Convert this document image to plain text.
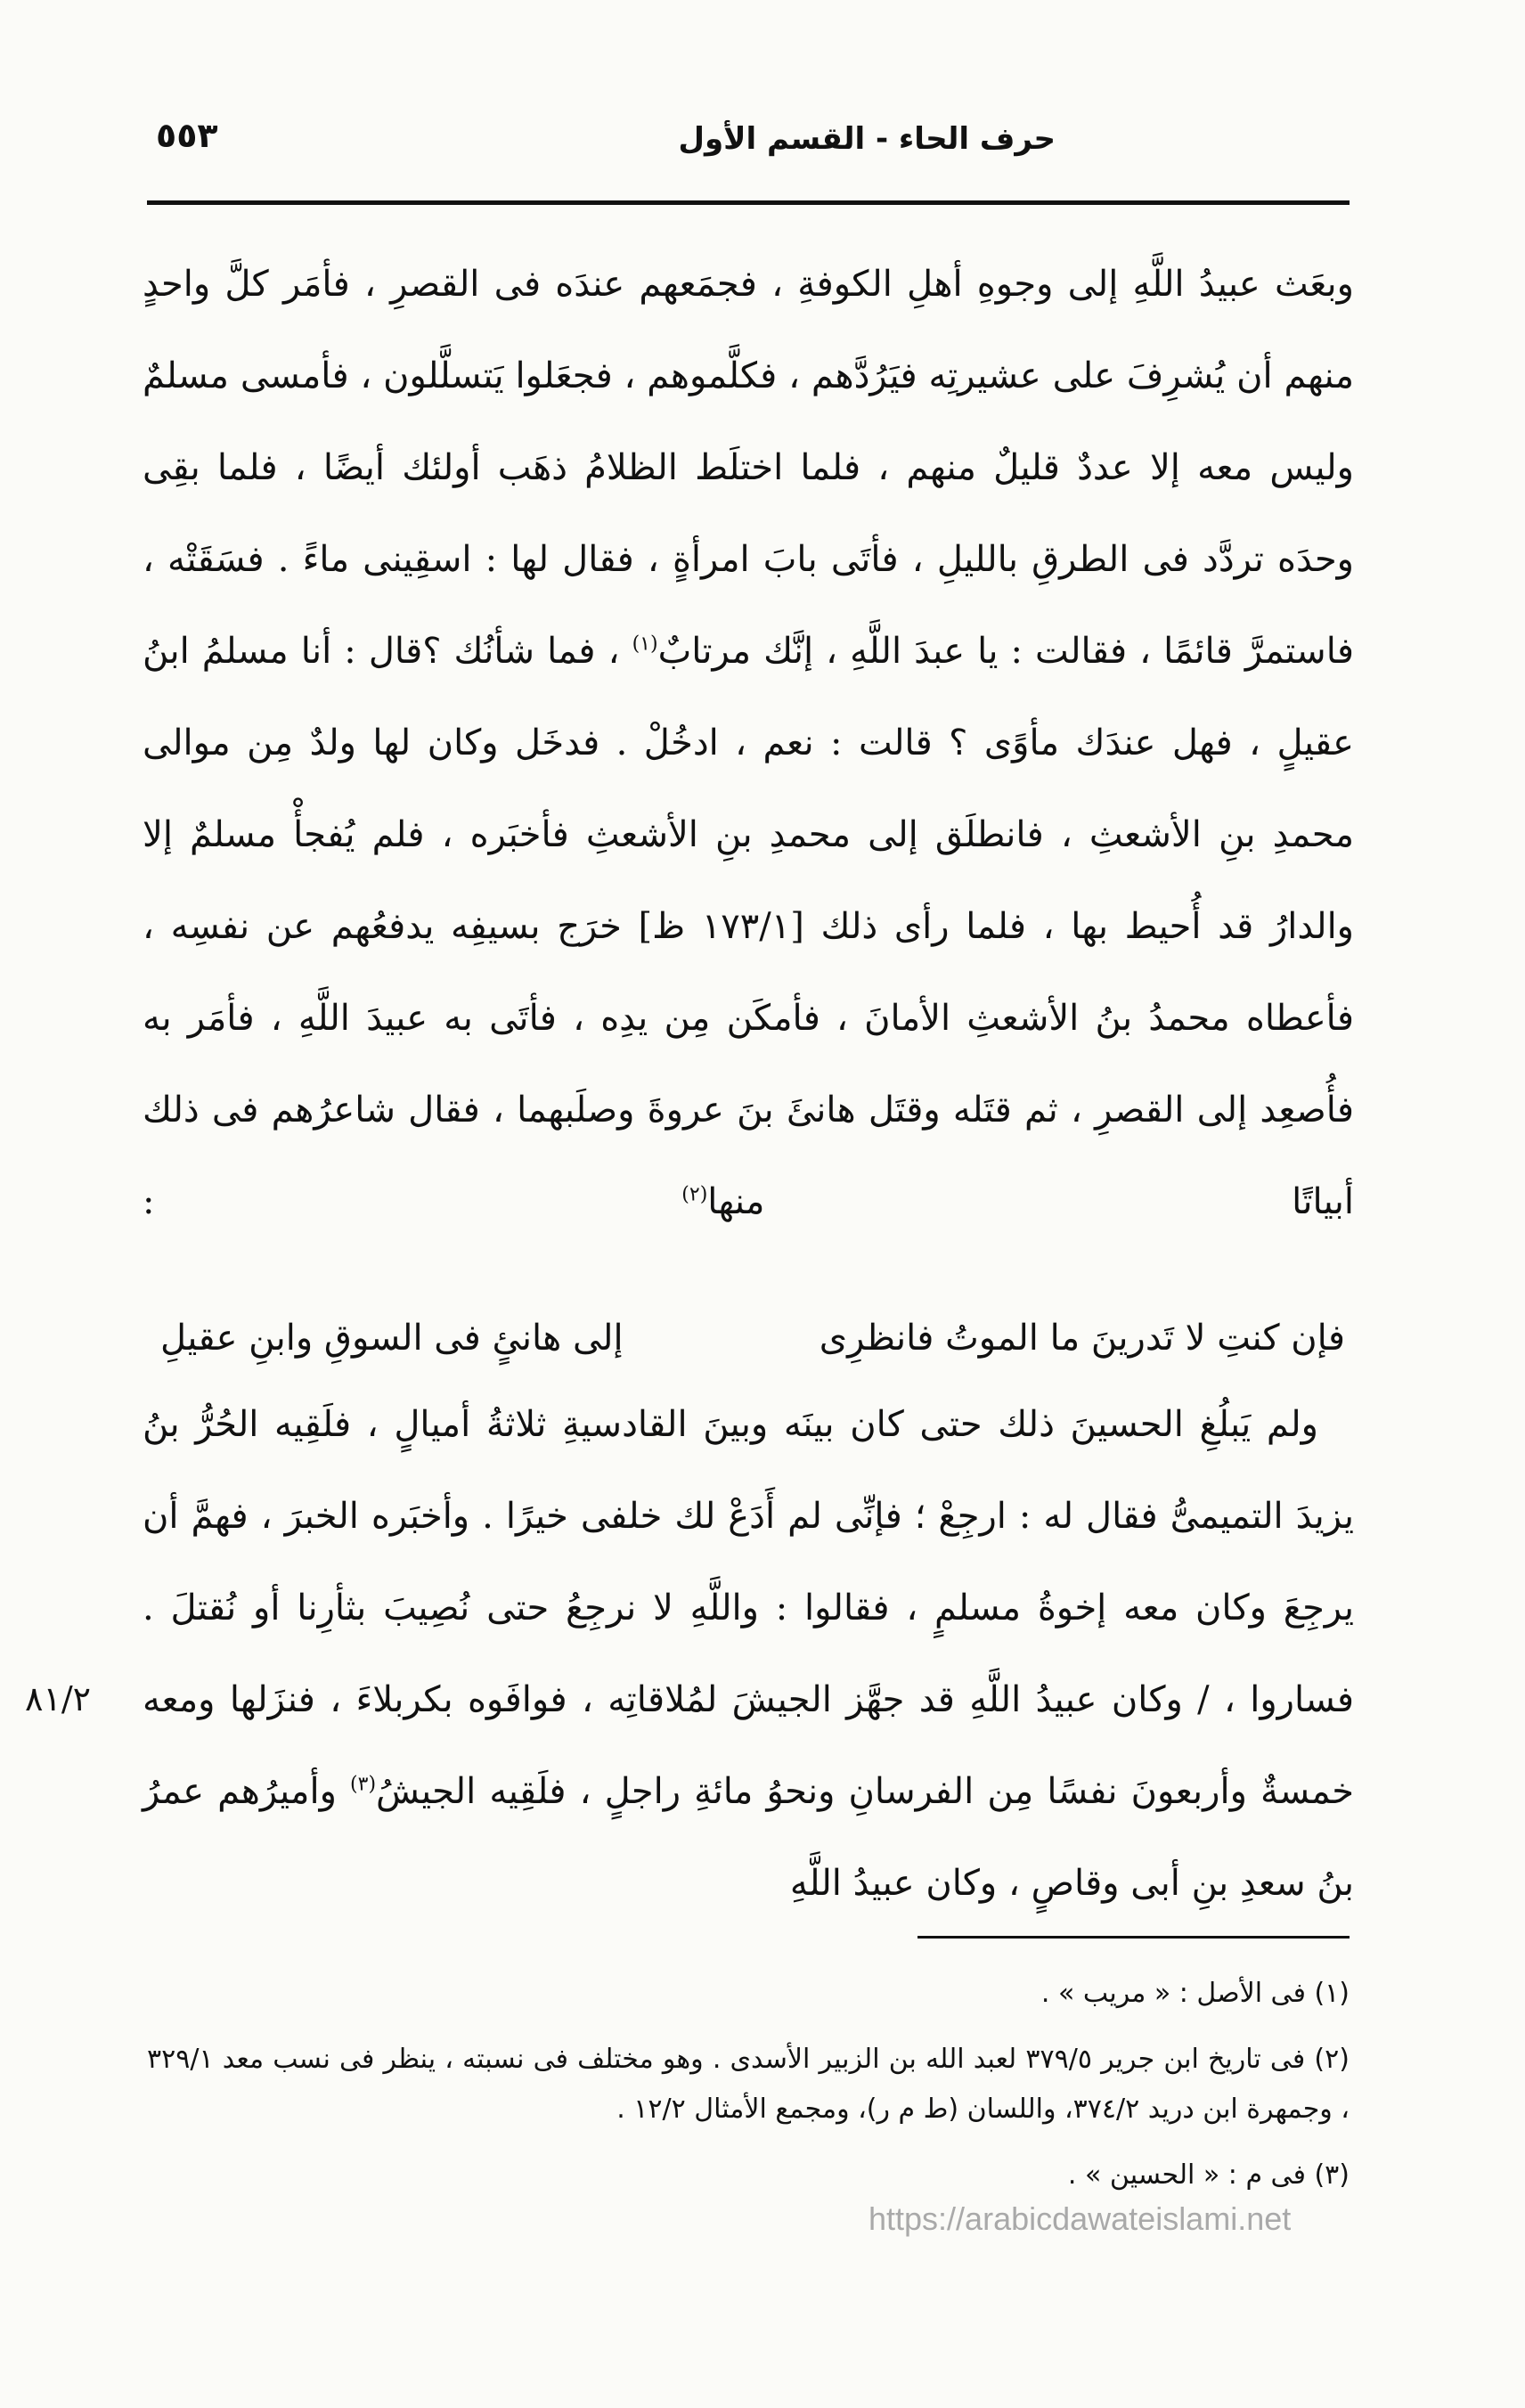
حرف الحاء - القسم الأول
٥٥٣

وبعَث عبيدُ اللَّهِ إلى وجوهِ أهلِ الكوفةِ ، فجمَعهم عندَه فى القصرِ ، فأمَر كلَّ واحدٍ منهم أن يُشرِفَ على عشيرتِه فيَرُدَّهم ، فكلَّموهم ، فجعَلوا يَتسلَّلون ، فأمسى مسلمٌ وليس معه إلا عددٌ قليلٌ منهم ، فلما اختلَط الظلامُ ذهَب أولئك أيضًا ، فلما بقِى وحدَه تردَّد فى الطرقِ بالليلِ ، فأتَى بابَ امرأةٍ ، فقال لها : اسقِينى ماءً . فسَقَتْه ، فاستمرَّ قائمًا ، فقالت : يا عبدَ اللَّهِ ، إنَّك مرتابٌ$^{(١)}$ ، فما شأنُك ؟قال : أنا مسلمُ ابنُ عقيلٍ ، فهل عندَك مأوًى ؟ قالت : نعم ، ادخُلْ . فدخَل وكان لها ولدٌ مِن موالى محمدِ بنِ الأشعثِ ، فانطلَق إلى محمدِ بنِ الأشعثِ فأخبَره ، فلم يُفجأْ مسلمٌ إلا والدارُ قد أُحيط بها ، فلما رأى ذلك [١٧٣/١ ظ] خرَج بسيفِه يدفعُهم عن نفسِه ، فأعطاه محمدُ بنُ الأشعثِ الأمانَ ، فأمكَن مِن يدِه ، فأتَى به عبيدَ اللَّهِ ، فأمَر به فأُصعِد إلى القصرِ ، ثم قتَله وقتَل هانئَ بنَ عروةَ وصلَبهما ، فقال شاعرُهم فى ذلك أبياتًا منها$^{(٢)}$ :

فإن كنتِ لا تَدرينَ ما الموتُ فانظرِى
إلى هانئٍ فى السوقِ وابنِ عقيلِ

 ولم يَبلُغِ الحسينَ ذلك حتى كان بينَه وبينَ القادسيةِ ثلاثةُ أميالٍ ، فلَقِيه الحُرُّ بنُ يزيدَ التميمىُّ فقال له : ارجِعْ ؛ فإنِّى لم أَدَعْ لك خلفى خيرًا . وأخبَره الخبرَ ، فهمَّ أن يرجِعَ وكان معه إخوةُ مسلمٍ ، فقالوا : واللَّهِ لا نرجِعُ حتى نُصِيبَ بثأرِنا أو نُقتلَ . فساروا ، / وكان عبيدُ اللَّهِ قد جهَّز الجيشَ لمُلاقاتِه ، فوافَوه بكربلاءَ ، فنزَلها ومعه خمسةٌ وأربعونَ نفسًا مِن الفرسانِ ونحوُ مائةِ راجلٍ ، فلَقِيه الجيشُ$^{(٣)}$ وأميرُهم عمرُ بنُ سعدِ بنِ أبى وقاصٍ ، وكان عبيدُ اللَّهِ

٨١/٢

(١) فى الأصل : « مريب » .

(٢) فى تاريخ ابن جرير ٣٧٩/٥ لعبد الله بن الزبير الأسدى . وهو مختلف فى نسبته ، ينظر فى نسب معد ٣٢٩/١ ، وجمهرة ابن دريد ٣٧٤/٢، واللسان (ط م ر)، ومجمع الأمثال ١٢/٢ .

(٣) فى م : « الحسين » .

https://arabicdawateislami.net
